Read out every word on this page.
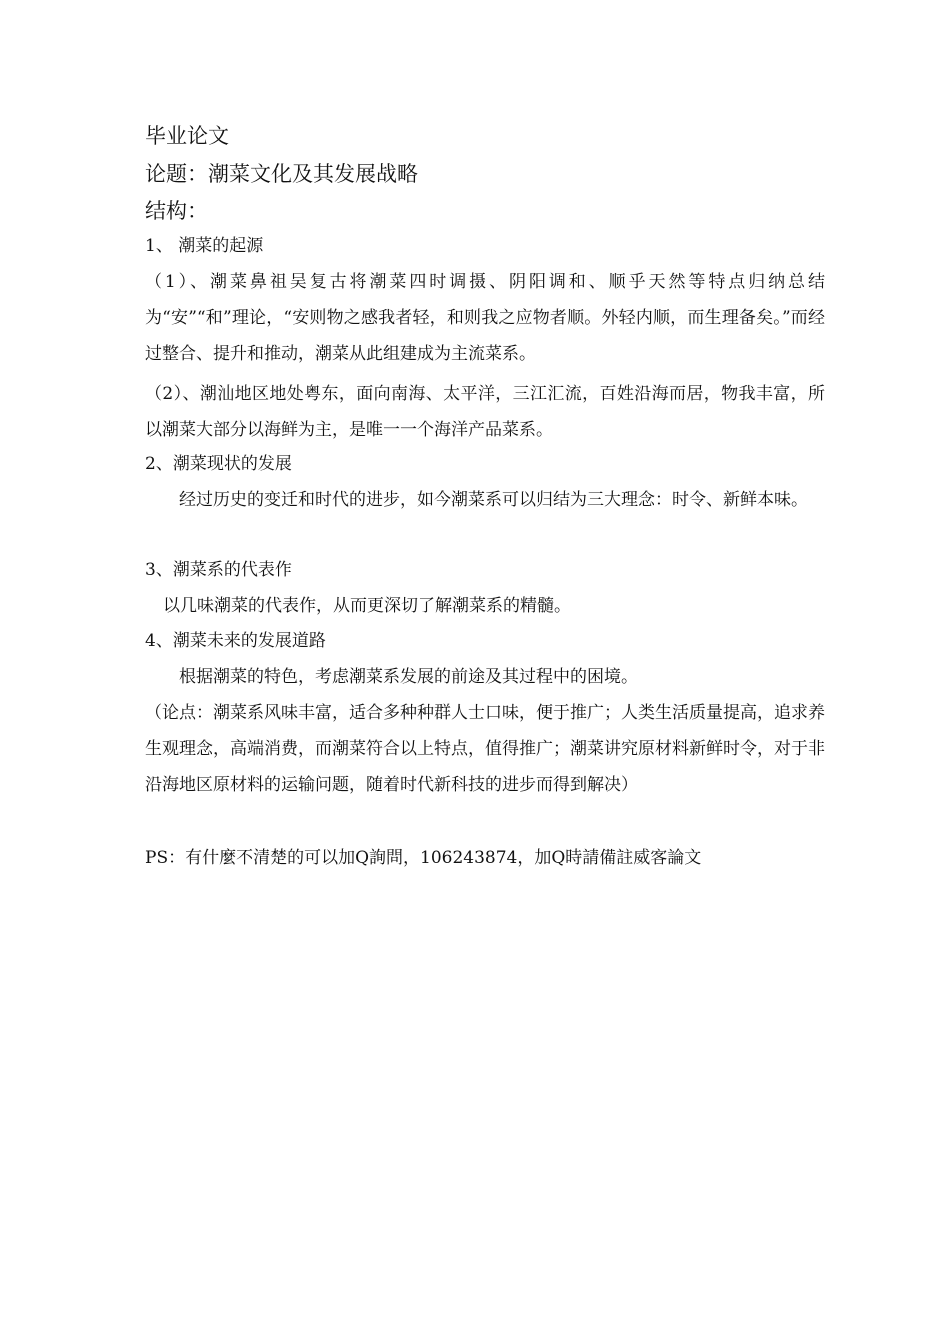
毕业论文
论题：潮菜文化及其发展战略
结构：
1、 潮菜的起源
（1）、潮菜鼻祖吴复古将潮菜四时调摄、阴阳调和、顺乎天然等特点归纳总结为“安”“和”理论，“安则物之感我者轻，和则我之应物者顺。外轻内顺，而生理备矣。”而经过整合、提升和推动，潮菜从此组建成为主流菜系。
（2）、潮汕地区地处粤东，面向南海、太平洋，三江汇流，百姓沿海而居，物我丰富，所以潮菜大部分以海鲜为主，是唯一一个海洋产品菜系。
2、潮菜现状的发展
经过历史的变迁和时代的进步，如今潮菜系可以归结为三大理念：时令、新鲜本味。
3、潮菜系的代表作
以几味潮菜的代表作，从而更深切了解潮菜系的精髓。
4、潮菜未来的发展道路
根据潮菜的特色，考虑潮菜系发展的前途及其过程中的困境。
（论点：潮菜系风味丰富，适合多种种群人士口味，便于推广；人类生活质量提高，追求养生观理念，高端消费，而潮菜符合以上特点，值得推广；潮菜讲究原材料新鲜时令，对于非沿海地区原材料的运输问题，随着时代新科技的进步而得到解决）
PS：有什麼不清楚的可以加Q詢問，106243874，加Q時請備註威客論文
